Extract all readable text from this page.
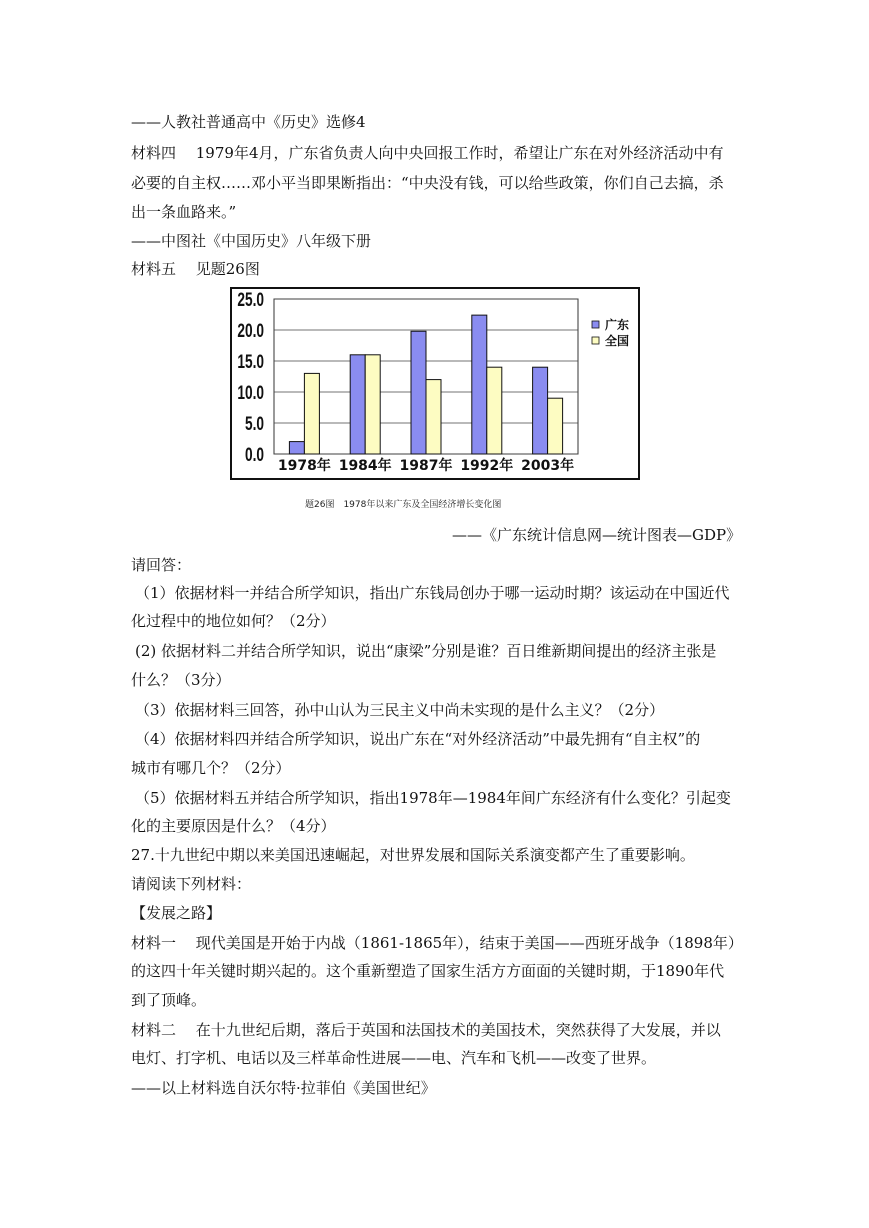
——人教社普通高中《历史》选修4
材料四　 1979年4月，广东省负责人向中央回报工作时，希望让广东在对外经济活动中有
必要的自主权……邓小平当即果断指出：“中央没有钱，可以给些政策，你们自己去搞，杀
出一条血路来。”
——中图社《中国历史》八年级下册
材料五　 见题26图
0.0
5.0
10.0
15.0
20.0
25.0
1978年 1984年 1987年 1992年 2003年
广东
全国
题26图　1978年以来广东及全国经济增长变化图
——《广东统计信息网—统计图表—GDP》
请回答：
（1）依据材料一并结合所学知识，指出广东钱局创办于哪一运动时期？该运动在中国近代
化过程中的地位如何？（2分）
(2) 依据材料二并结合所学知识，说出“康梁”分别是谁？百日维新期间提出的经济主张是
什么？（3分）
（3）依据材料三回答，孙中山认为三民主义中尚未实现的是什么主义？（2分）
（4）依据材料四并结合所学知识，说出广东在“对外经济活动”中最先拥有“自主权”的
城市有哪几个？（2分）
（5）依据材料五并结合所学知识，指出1978年—1984年间广东经济有什么变化？引起变
化的主要原因是什么？（4分）
27.十九世纪中期以来美国迅速崛起，对世界发展和国际关系演变都产生了重要影响。
请阅读下列材料：
【发展之路】
材料一　 现代美国是开始于内战（1861-1865年），结束于美国——西班牙战争（1898年）
的这四十年关键时期兴起的。这个重新塑造了国家生活方方面面的关键时期，于1890年代
到了顶峰。
材料二　 在十九世纪后期，落后于英国和法国技术的美国技术，突然获得了大发展，并以
电灯、打字机、电话以及三样革命性进展——电、汽车和飞机——改变了世界。
——以上材料选自沃尔特·拉菲伯《美国世纪》
